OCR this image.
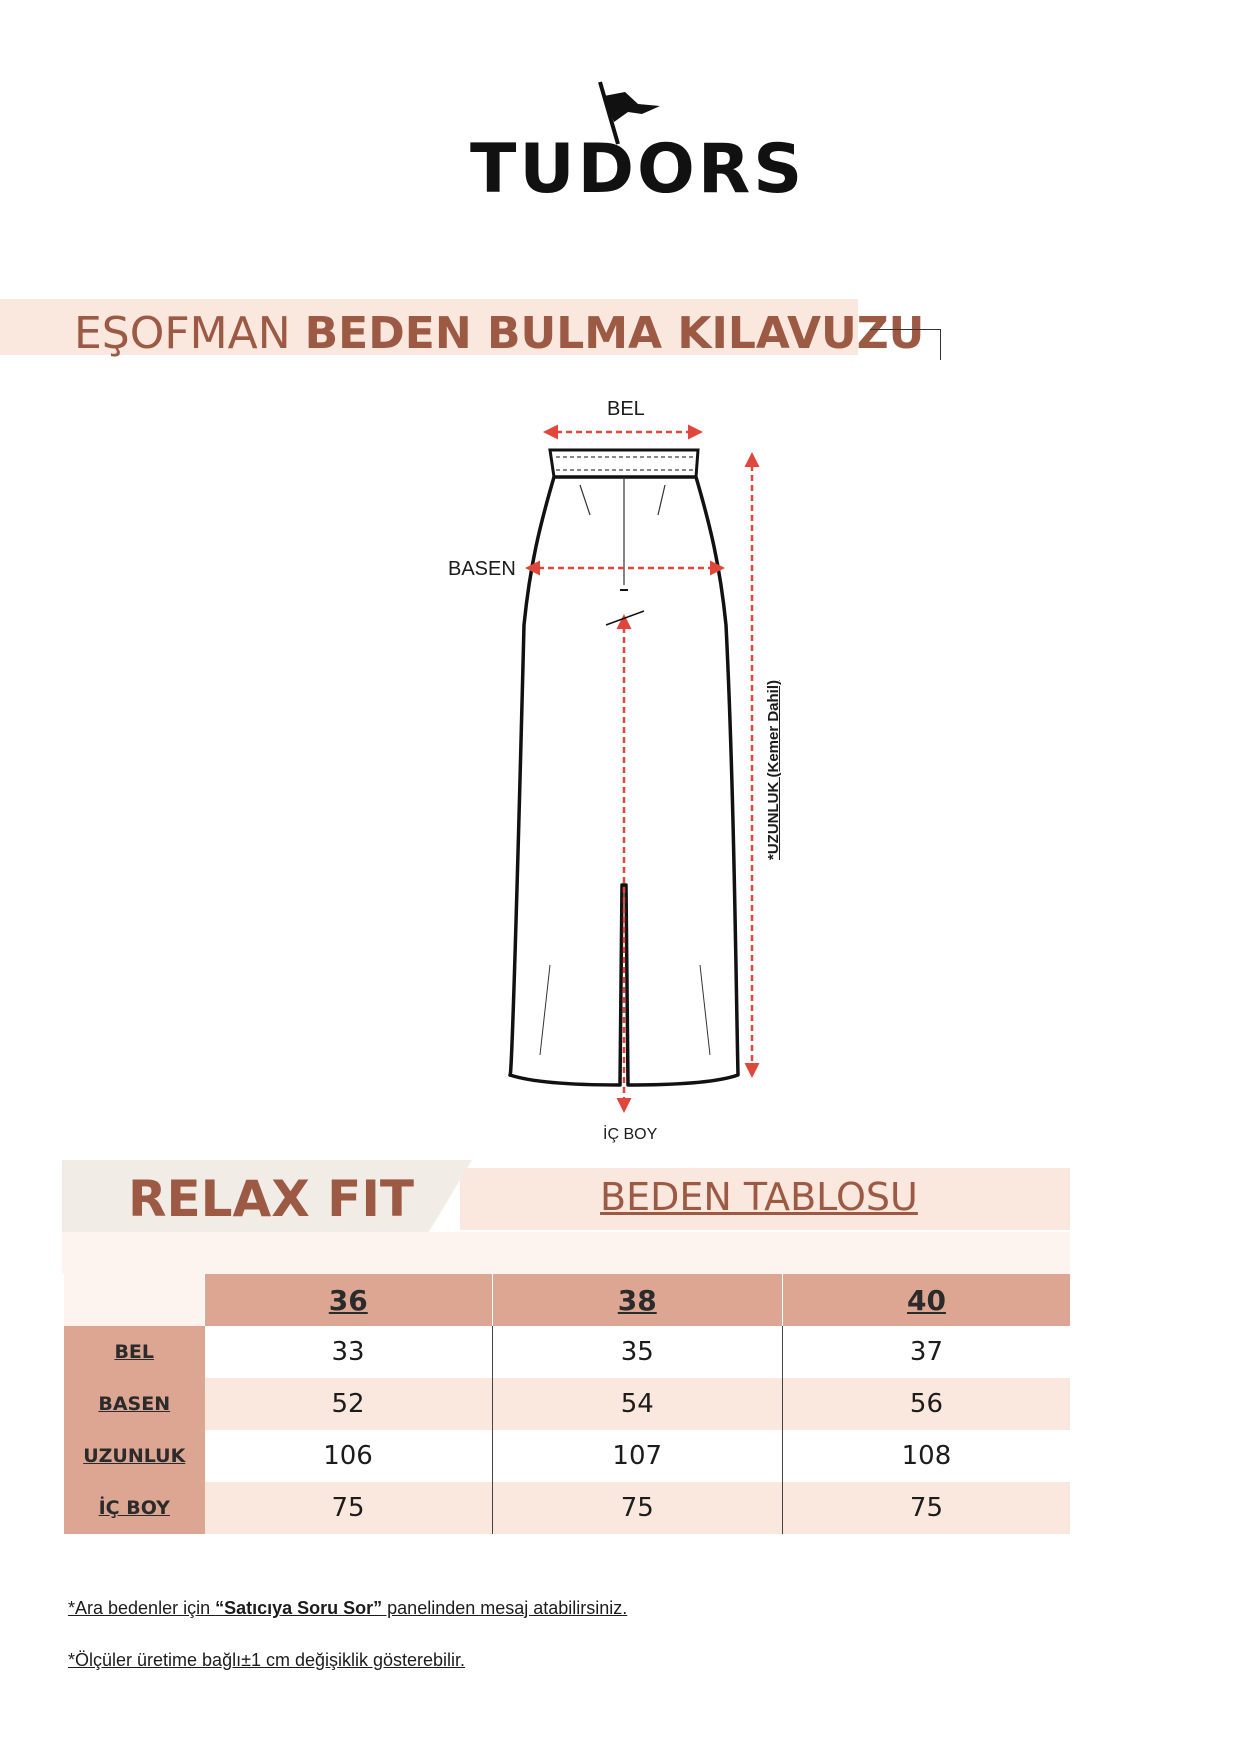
TUDORS
EŞOFMAN BEDEN BULMA KILAVUZU
BEL
BASEN
İÇ BOY
*UZUNLUK (Kemer Dahil)
RELAX FIT	BEDEN TABLOSU
	36	38	40
BEL	33	35	37
BASEN	52	54	56
UZUNLUK	106	107	108
İÇ BOY	75	75	75
*Ara bedenler için “Satıcıya Soru Sor” panelinden mesaj atabilirsiniz.
*Ölçüler üretime bağlı±1 cm değişiklik gösterebilir.
